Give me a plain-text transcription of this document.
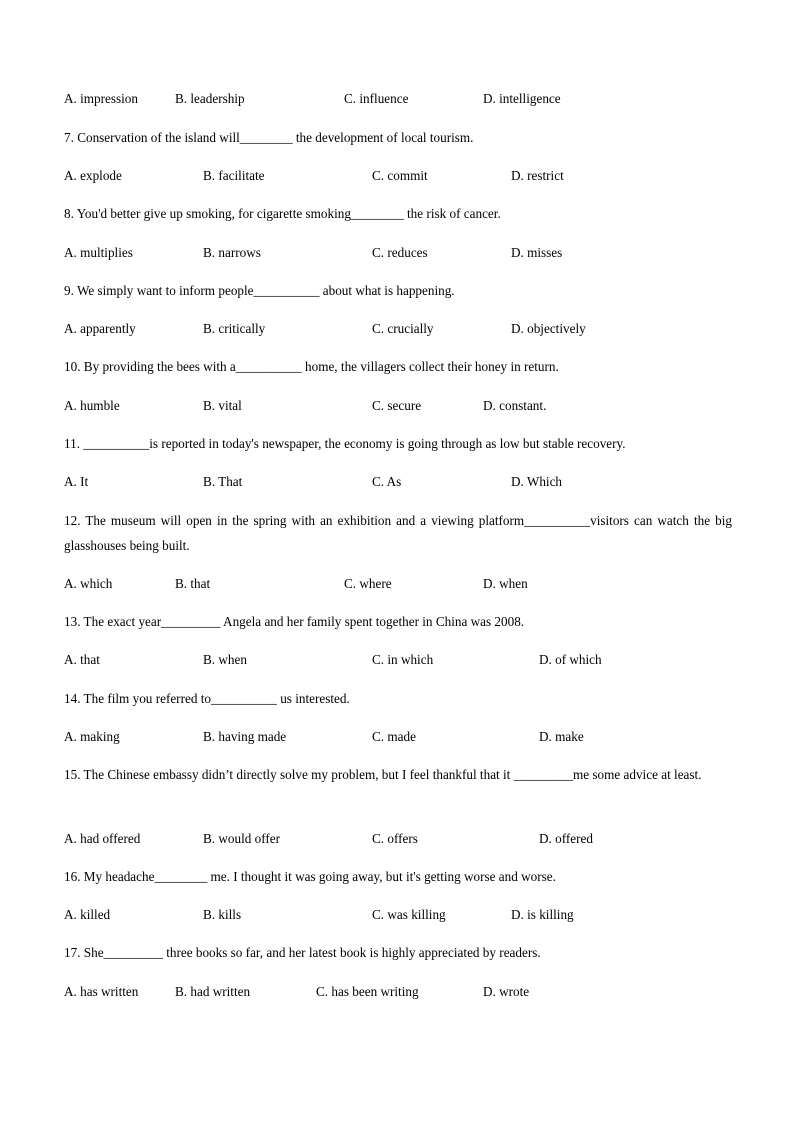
A. impression	B. leadership	C. influence	D. intelligence
7. Conservation of the island will________ the development of local tourism.
A. explode	B. facilitate	C. commit	D. restrict
8. You'd better give up smoking, for cigarette smoking________ the risk of cancer.
A. multiplies	B. narrows	C. reduces	D. misses
9. We simply want to inform people__________ about what is happening.
A. apparently	B. critically	C. crucially	D. objectively
10. By providing the bees with a__________ home, the villagers collect their honey in return.
A. humble	B. vital	C. secure	D. constant.
11. __________is reported in today's newspaper, the economy is going through as low but stable recovery.
A. It	B. That	C. As	D. Which
12. The museum will open in the spring with an exhibition and a viewing platform__________visitors can watch the big glasshouses being built.
A. which	B. that	C. where	D. when
13. The exact year_________ Angela and her family spent together in China was 2008.
A. that	B. when	C. in which	D. of which
14. The film you referred to__________ us interested.
A. making	B. having made	C. made	D. make
15. The Chinese embassy didn’t directly solve my problem, but I feel thankful that it _________me some advice at least.
A. had offered	B. would offer	C. offers	D. offered
16. My headache________ me. I thought it was going away, but it's getting worse and worse.
A. killed	B. kills	C. was killing	D. is killing
17. She_________ three books so far, and her latest book is highly appreciated by readers.
A. has written	B. had written	C. has been writing	D. wrote
